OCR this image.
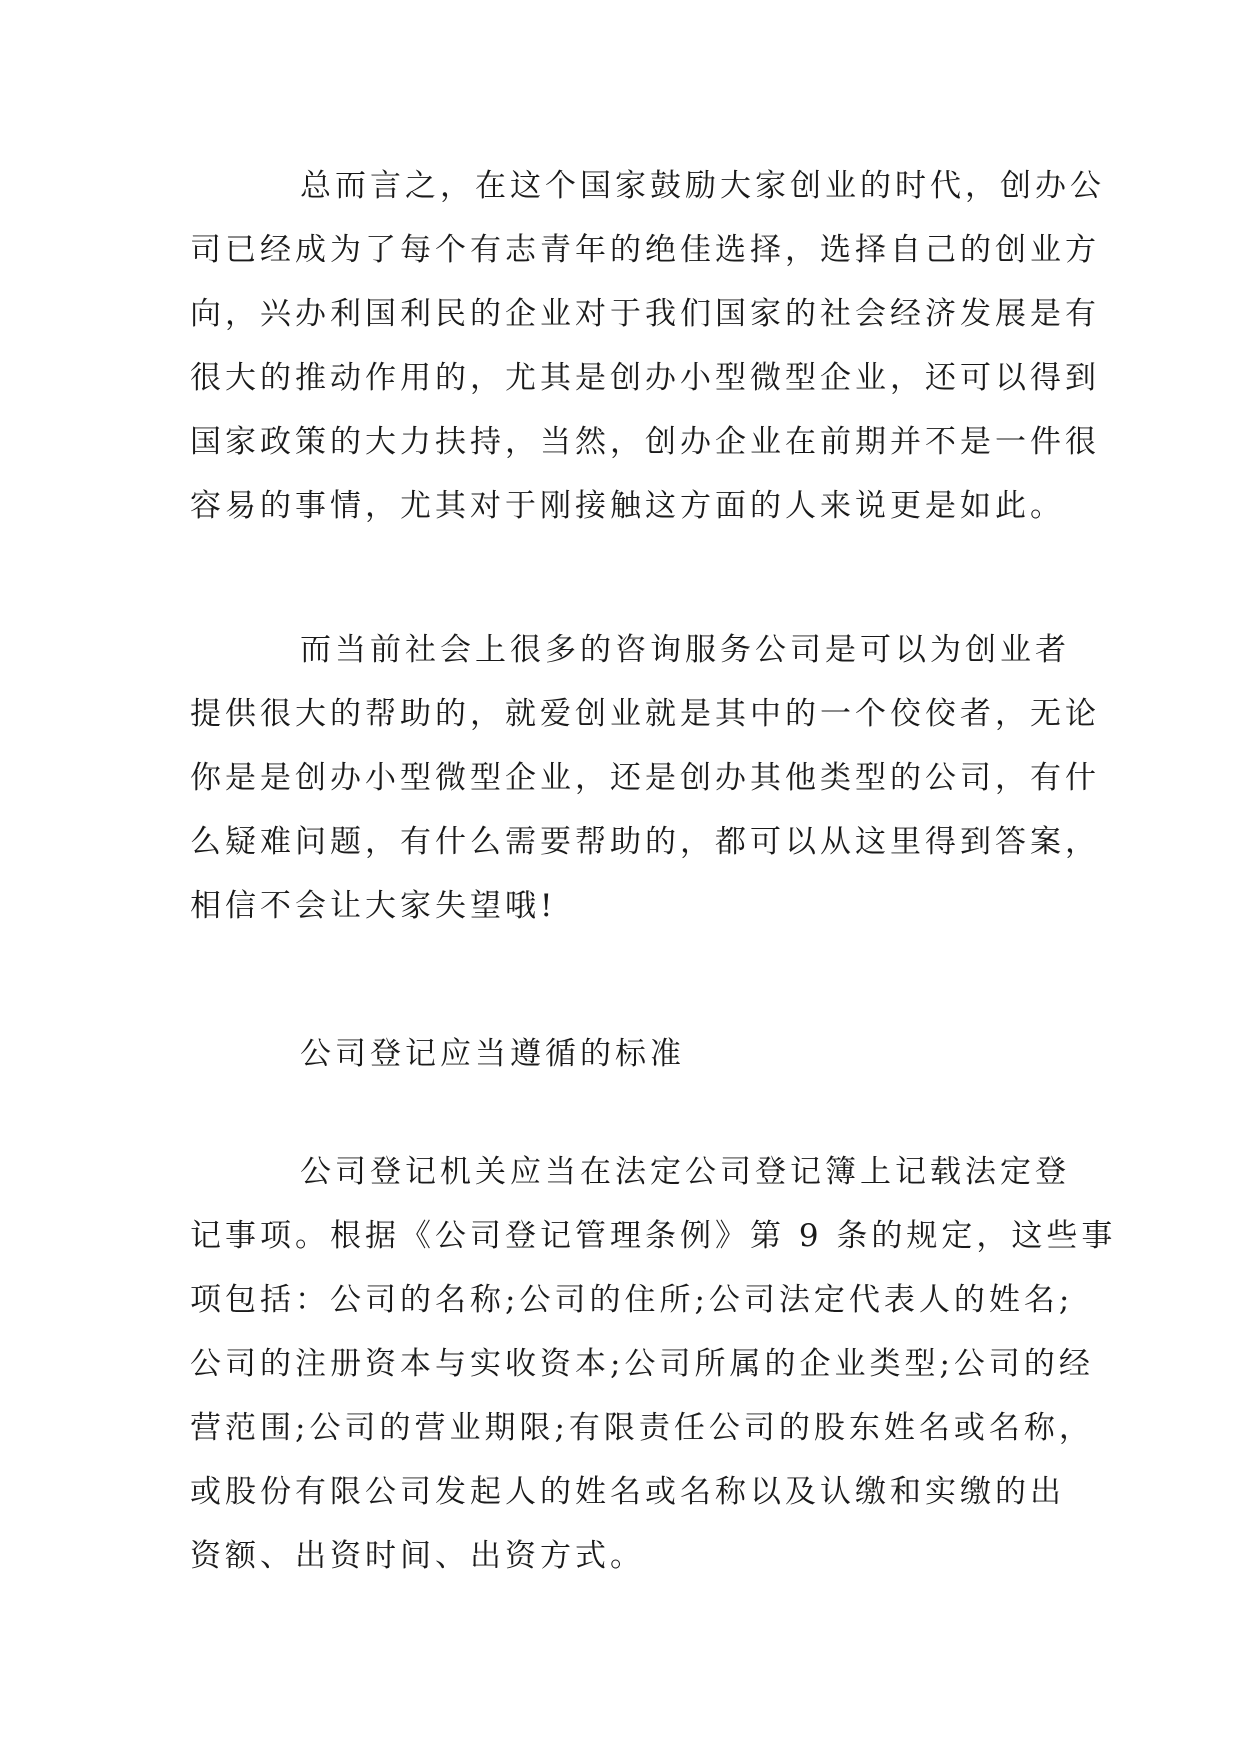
总而言之，在这个国家鼓励大家创业的时代，创办公
司已经成为了每个有志青年的绝佳选择，选择自己的创业方
向，兴办利国利民的企业对于我们国家的社会经济发展是有
很大的推动作用的，尤其是创办小型微型企业，还可以得到
国家政策的大力扶持，当然，创办企业在前期并不是一件很
容易的事情，尤其对于刚接触这方面的人来说更是如此。
而当前社会上很多的咨询服务公司是可以为创业者
提供很大的帮助的，就爱创业就是其中的一个佼佼者，无论
你是是创办小型微型企业，还是创办其他类型的公司，有什
么疑难问题，有什么需要帮助的，都可以从这里得到答案，
相信不会让大家失望哦!
公司登记应当遵循的标准
公司登记机关应当在法定公司登记簿上记载法定登
记事项。根据《公司登记管理条例》第 9 条的规定，这些事
项包括：公司的名称;公司的住所;公司法定代表人的姓名;
公司的注册资本与实收资本;公司所属的企业类型;公司的经
营范围;公司的营业期限;有限责任公司的股东姓名或名称，
或股份有限公司发起人的姓名或名称以及认缴和实缴的出
资额、出资时间、出资方式。
